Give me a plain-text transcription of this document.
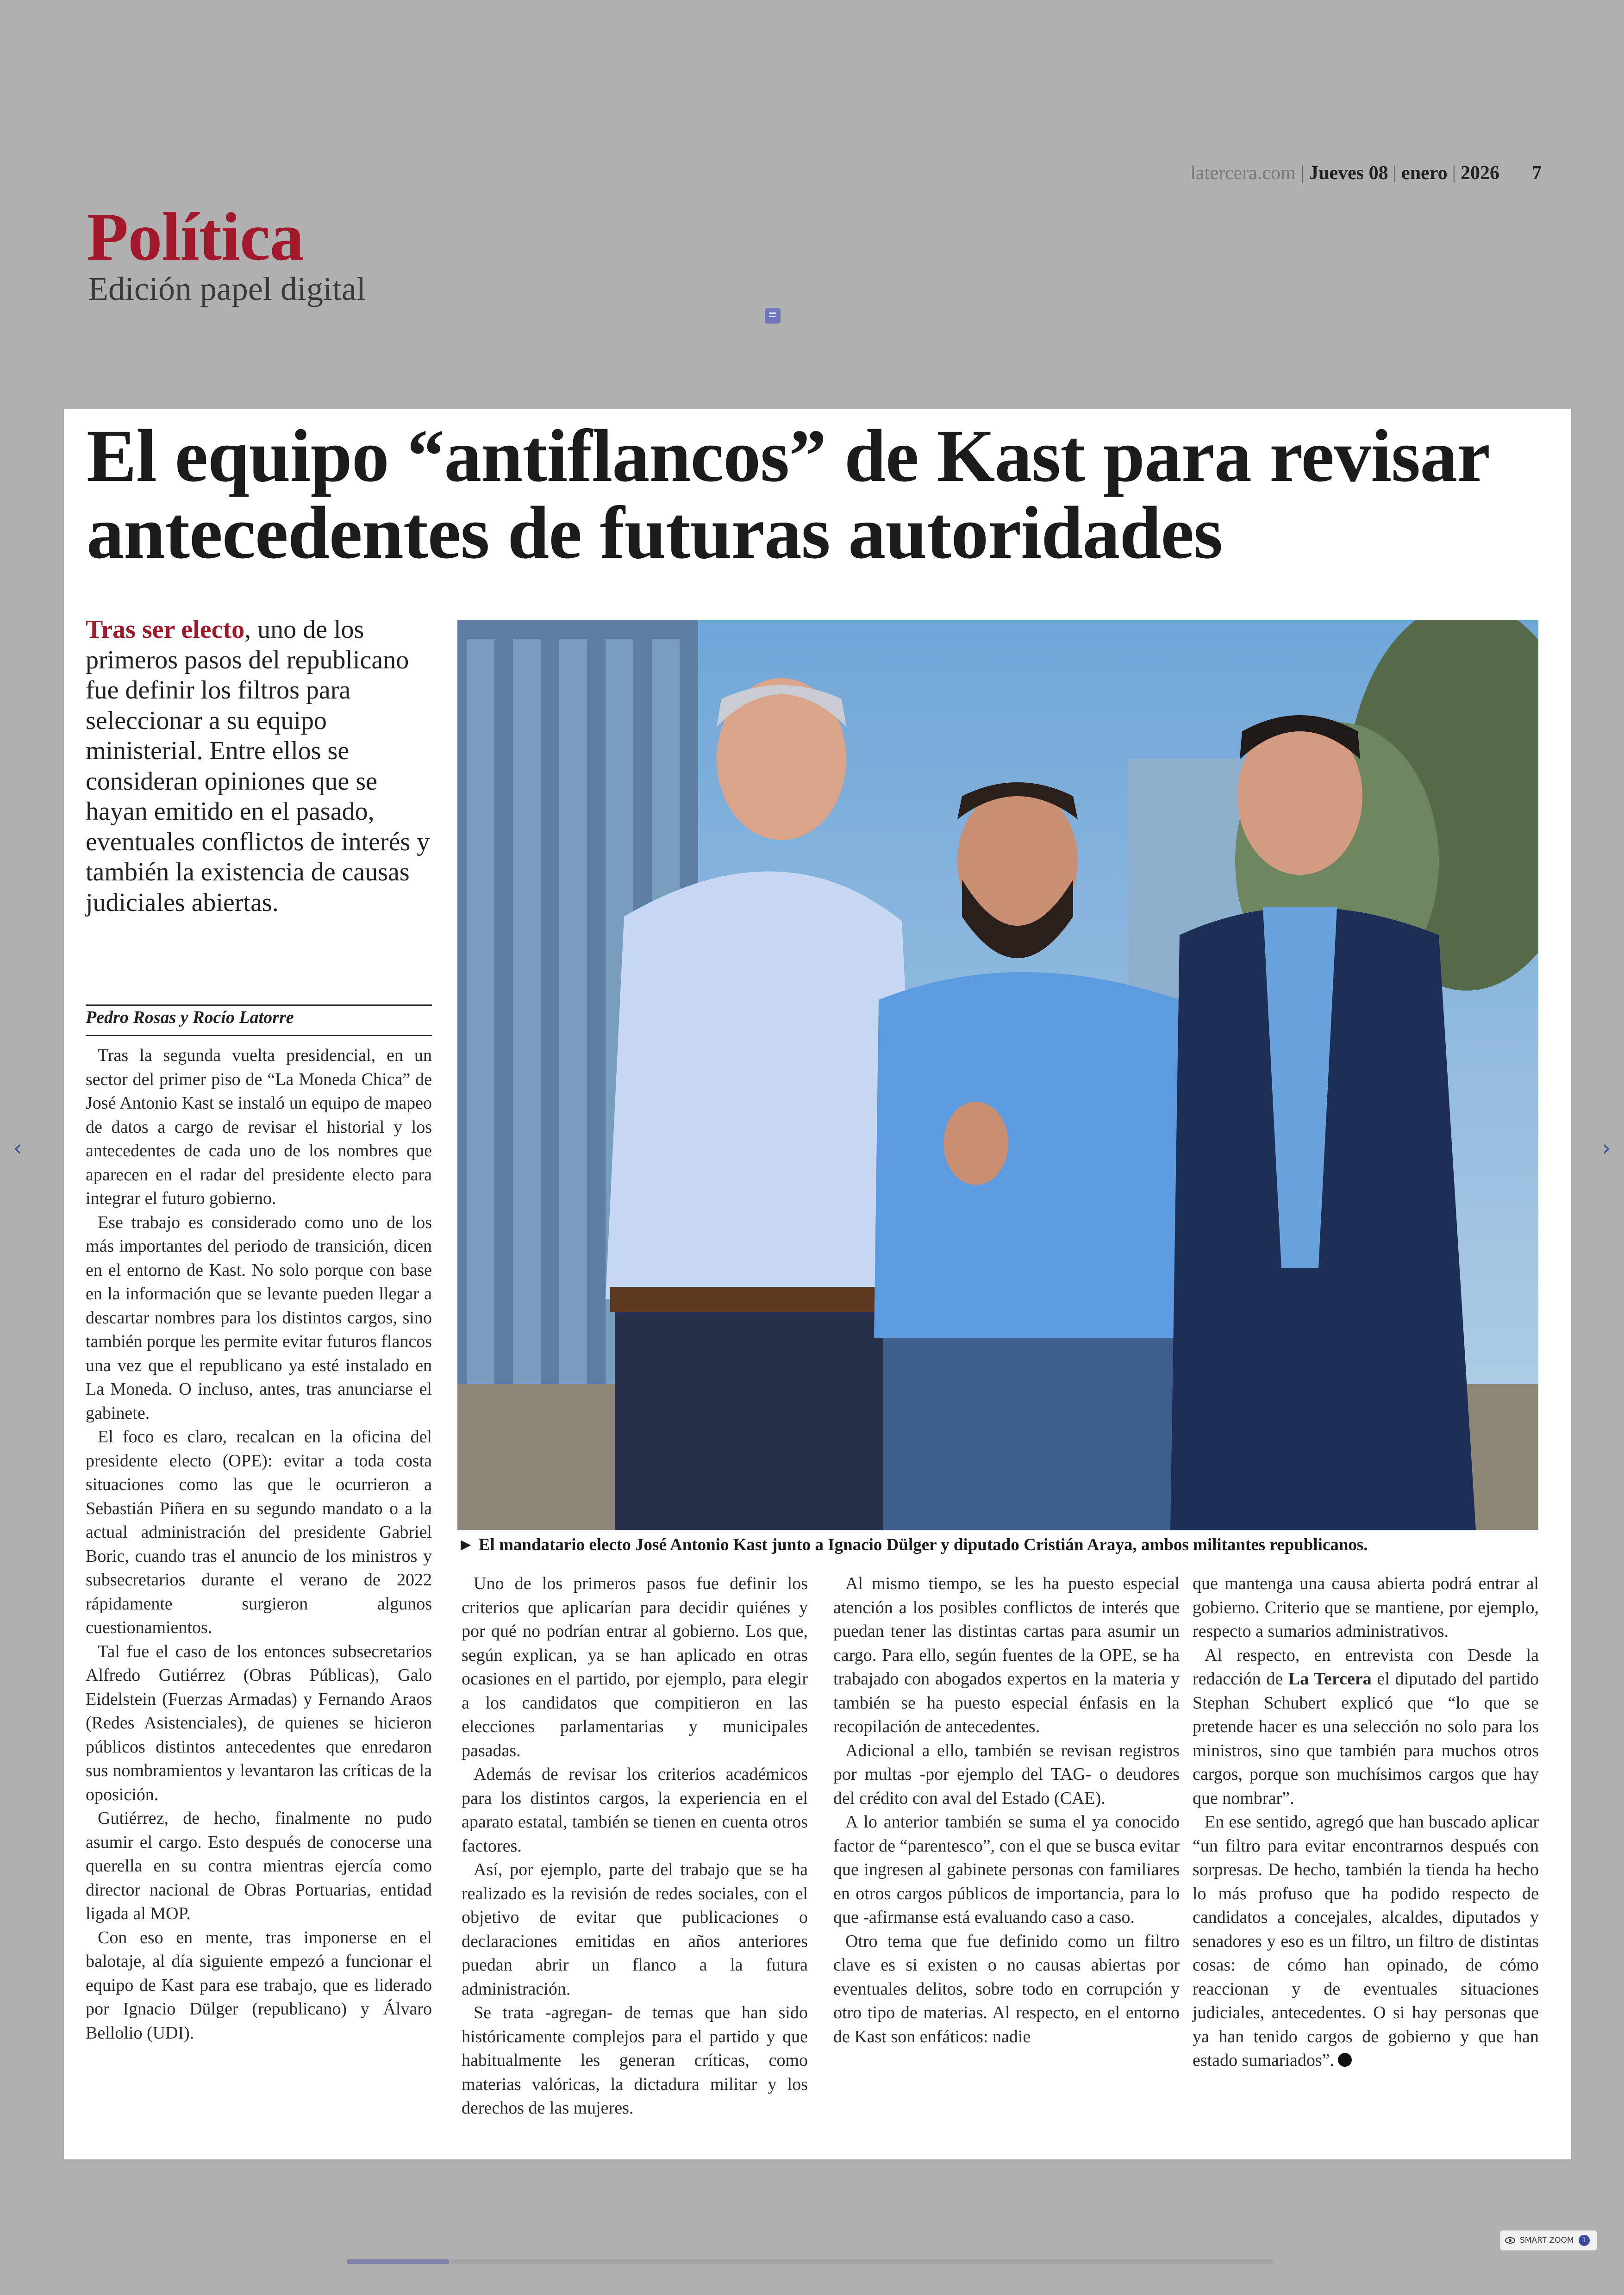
latercera.com | Jueves 08 | enero | 2026 7
Política
Edición papel digital
El equipo “antiflancos” de Kast para revisar antecedentes de futuras autoridades
Tras ser electo, uno de los primeros pasos del republicano fue definir los filtros para seleccionar a su equipo ministerial. Entre ellos se consideran opiniones que se hayan emitido en el pasado, eventuales conflictos de interés y también la existencia de causas judiciales abiertas.
Pedro Rosas y Rocío Latorre

Tras la segunda vuelta presidencial, en un sector del primer piso de “La Moneda Chica” de José Antonio Kast se instaló un equipo de mapeo de datos a cargo de revisar el historial y los antecedentes de cada uno de los nombres que aparecen en el radar del presidente electo para integrar el futuro gobierno.

Ese trabajo es considerado como uno de los más importantes del periodo de transición, dicen en el entorno de Kast. No solo porque con base en la información que se levante pueden llegar a descartar nombres para los distintos cargos, sino también porque les permite evitar futuros flancos una vez que el republicano ya esté instalado en La Moneda. O incluso, antes, tras anunciarse el gabinete.

El foco es claro, recalcan en la oficina del presidente electo (OPE): evitar a toda costa situaciones como las que le ocurrieron a Sebastián Piñera en su segundo mandato o a la actual administración del presidente Gabriel Boric, cuando tras el anuncio de los ministros y subsecretarios durante el verano de 2022 rápidamente surgieron algunos cuestionamientos.

Tal fue el caso de los entonces subsecretarios Alfredo Gutiérrez (Obras Públicas), Galo Eidelstein (Fuerzas Armadas) y Fernando Araos (Redes Asistenciales), de quienes se hicieron públicos distintos antecedentes que enredaron sus nombramientos y levantaron las críticas de la oposición.

Gutiérrez, de hecho, finalmente no pudo asumir el cargo. Esto después de conocerse una querella en su contra mientras ejercía como director nacional de Obras Portuarias, entidad ligada al MOP.

Con eso en mente, tras imponerse en el balotaje, al día siguiente empezó a funcionar el equipo de Kast para ese trabajo, que es liderado por Ignacio Dülger (republicano) y Álvaro Bellolio (UDI).

► El mandatario electo José Antonio Kast junto a Ignacio Dülger y diputado Cristián Araya, ambos militantes republicanos.

Uno de los primeros pasos fue definir los criterios que aplicarían para decidir quiénes y por qué no podrían entrar al gobierno. Los que, según explican, ya se han aplicado en otras ocasiones en el partido, por ejemplo, para elegir a los candidatos que compitieron en las elecciones parlamentarias y municipales pasadas.

Además de revisar los criterios académicos para los distintos cargos, la experiencia en el aparato estatal, también se tienen en cuenta otros factores.

Así, por ejemplo, parte del trabajo que se ha realizado es la revisión de redes sociales, con el objetivo de evitar que publicaciones o declaraciones emitidas en años anteriores puedan abrir un flanco a la futura administración.

Se trata -agregan- de temas que han sido históricamente complejos para el partido y que habitualmente les generan críticas, como materias valóricas, la dictadura militar y los derechos de las mujeres.

Al mismo tiempo, se les ha puesto especial atención a los posibles conflictos de interés que puedan tener las distintas cartas para asumir un cargo. Para ello, según fuentes de la OPE, se ha trabajado con abogados expertos en la materia y también se ha puesto especial énfasis en la recopilación de antecedentes.

Adicional a ello, también se revisan registros por multas -por ejemplo del TAG- o deudores del crédito con aval del Estado (CAE).

A lo anterior también se suma el ya conocido factor de “parentesco”, con el que se busca evitar que ingresen al gabinete personas con familiares en otros cargos públicos de importancia, para lo que -afirmanse está evaluando caso a caso.

Otro tema que fue definido como un filtro clave es si existen o no causas abiertas por eventuales delitos, sobre todo en corrupción y otro tipo de materias. Al respecto, en el entorno de Kast son enfáticos: nadie

que mantenga una causa abierta podrá entrar al gobierno. Criterio que se mantiene, por ejemplo, respecto a sumarios administrativos.

Al respecto, en entrevista con Desde la redacción de La Tercera el diputado del partido Stephan Schubert explicó que “lo que se pretende hacer es una selección no solo para los ministros, sino que también para muchos otros cargos, porque son muchísimos cargos que hay que nombrar”.

En ese sentido, agregó que han buscado aplicar “un filtro para evitar encontrarnos después con sorpresas. De hecho, también la tienda ha hecho lo más profuso que ha podido respecto de candidatos a concejales, alcaldes, diputados y senadores y eso es un filtro, un filtro de distintas cosas: de cómo han opinado, de cómo reaccionan y de eventuales situaciones judiciales, antecedentes. O si hay personas que ya han tenido cargos de gobierno y que han estado sumariados”.

‹	›
SMART ZOOM	1
